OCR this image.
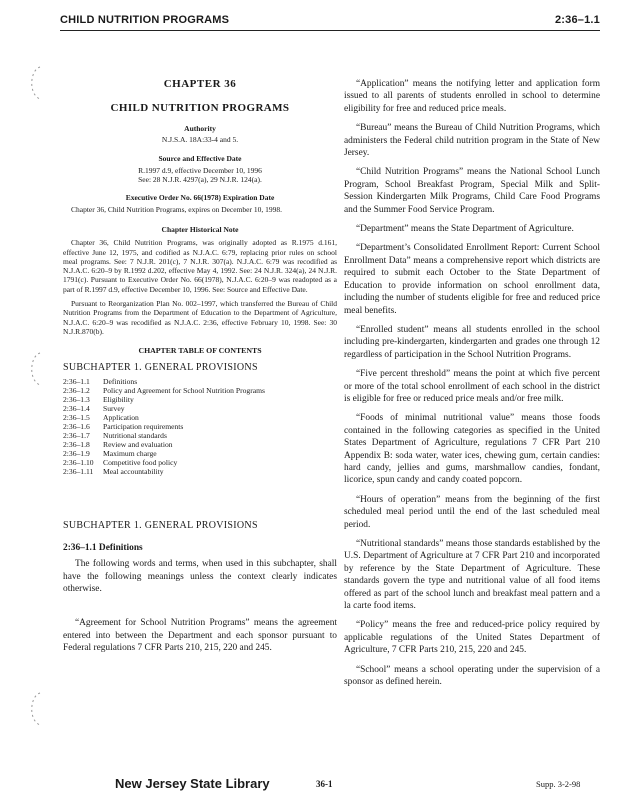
CHILD NUTRITION PROGRAMS	2:36–1.1
CHAPTER 36
CHILD NUTRITION PROGRAMS
Authority
N.J.S.A. 18A:33-4 and 5.
Source and Effective Date
R.1997 d.9, effective December 10, 1996
See: 28 N.J.R. 4297(a), 29 N.J.R. 124(a).
Executive Order No. 66(1978) Expiration Date
Chapter 36, Child Nutrition Programs, expires on December 10, 1998.
Chapter Historical Note
Chapter 36, Child Nutrition Programs, was originally adopted as R.1975 d.161, effective June 12, 1975, and codified as N.J.A.C. 6:79, replacing prior rules on school meal programs. See: 7 N.J.R. 201(c), 7 N.J.R. 307(a). N.J.A.C. 6:79 was recodified as N.J.A.C. 6:20–9 by R.1992 d.202, effective May 4, 1992. See: 24 N.J.R. 324(a), 24 N.J.R. 1791(c). Pursuant to Executive Order No. 66(1978), N.J.A.C. 6:20–9 was readopted as a part of R.1997 d.9, effective December 10, 1996. See: Source and Effective Date.
Pursuant to Reorganization Plan No. 002–1997, which transferred the Bureau of Child Nutrition Programs from the Department of Education to the Department of Agriculture, N.J.A.C. 6:20–9 was recodified as N.J.A.C. 2:36, effective February 10, 1998. See: 30 N.J.R.870(b).
CHAPTER TABLE OF CONTENTS
SUBCHAPTER 1. GENERAL PROVISIONS
2:36–1.1	Definitions
2:36–1.2	Policy and Agreement for School Nutrition Programs
2:36–1.3	Eligibility
2:36–1.4	Survey
2:36–1.5	Application
2:36–1.6	Participation requirements
2:36–1.7	Nutritional standards
2:36–1.8	Review and evaluation
2:36–1.9	Maximum charge
2:36–1.10	Competitive food policy
2:36–1.11	Meal accountability
SUBCHAPTER 1. GENERAL PROVISIONS
2:36–1.1 Definitions

The following words and terms, when used in this subchapter, shall have the following meanings unless the context clearly indicates otherwise.

“Agreement for School Nutrition Programs” means the agreement entered into between the Department and each sponsor pursuant to Federal regulations 7 CFR Parts 210, 215, 220 and 245.

“Application” means the notifying letter and application form issued to all parents of students enrolled in school to determine eligibility for free and reduced price meals.

“Bureau” means the Bureau of Child Nutrition Programs, which administers the Federal child nutrition program in the State of New Jersey.

“Child Nutrition Programs” means the National School Lunch Program, School Breakfast Program, Special Milk and Split-Session Kindergarten Milk Programs, Child Care Food Programs and the Summer Food Service Program.

“Department” means the State Department of Agriculture.

“Department’s Consolidated Enrollment Report: Current School Enrollment Data” means a comprehensive report which districts are required to submit each October to the State Department of Education to provide information on school enrollment data, including the number of students eligible for free and reduced price meal benefits.

“Enrolled student” means all students enrolled in the school including pre-kindergarten, kindergarten and grades one through 12 regardless of participation in the School Nutrition Programs.

“Five percent threshold” means the point at which five percent or more of the total school enrollment of each school in the district is eligible for free or reduced price meals and/or free milk.

“Foods of minimal nutritional value” means those foods contained in the following categories as specified in the United States Department of Agriculture, regulations 7 CFR Part 210 Appendix B: soda water, water ices, chewing gum, certain candies: hard candy, jellies and gums, marshmallow candies, fondant, licorice, spun candy and candy coated popcorn.

“Hours of operation” means from the beginning of the first scheduled meal period until the end of the last scheduled meal period.

“Nutritional standards” means those standards established by the U.S. Department of Agriculture at 7 CFR Part 210 and incorporated by reference by the State Department of Agriculture. These standards govern the type and nutritional value of all food items offered as part of the school lunch and breakfast meal pattern and a la carte food items.

“Policy” means the free and reduced-price policy required by applicable regulations of the United States Department of Agriculture, 7 CFR Parts 210, 215, 220 and 245.

“School” means a school operating under the supervision of a sponsor as defined herein.

New Jersey State Library	36-1	Supp. 3-2-98
